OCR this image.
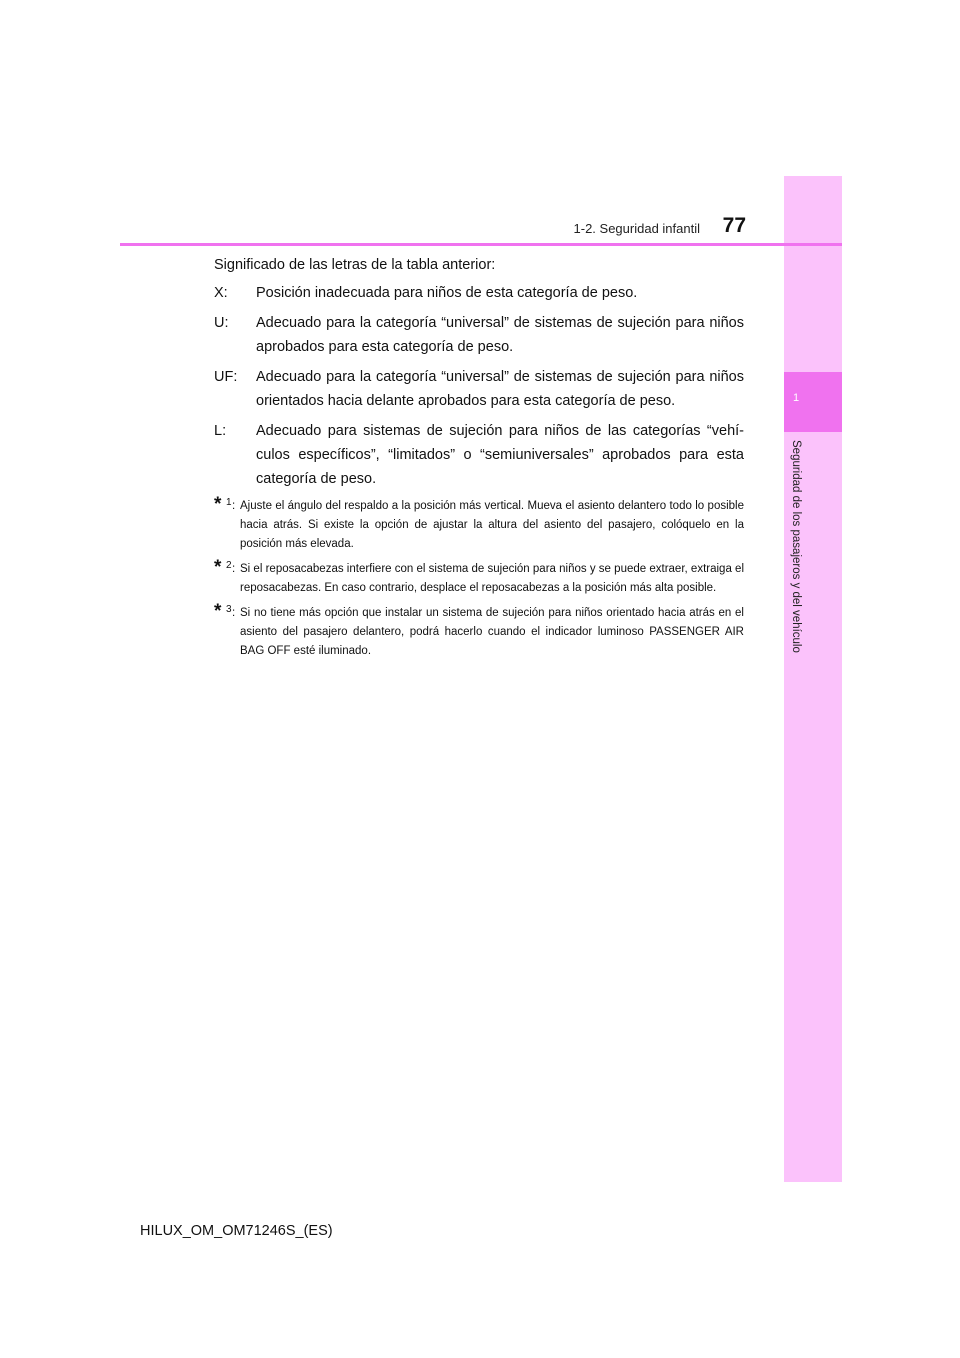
1
Seguridad de los pasajeros y del vehículo
1-2. Seguridad infantil	77

Significado de las letras de la tabla anterior:

X:	Posición inadecuada para niños de esta categoría de peso.
U:	Adecuado para la categoría “universal” de sistemas de sujeción para niños aprobados para esta categoría de peso.
UF:	Adecuado para la categoría “universal” de sistemas de sujeción para niños orientados hacia delante aprobados para esta categoría de peso.
L:	Adecuado para sistemas de sujeción para niños de las categorías “vehí-culos específicos”, “limitados” o “semiuniversales” aprobados para esta categoría de peso.
* 1 : Ajuste el ángulo del respaldo a la posición más vertical. Mueva el asiento delantero todo lo posible hacia atrás. Si existe la opción de ajustar la altura del asiento del pasajero, colóquelo en la posición más elevada.
* 2 : Si el reposacabezas interfiere con el sistema de sujeción para niños y se puede extraer, extraiga el reposacabezas. En caso contrario, desplace el reposacabezas a la posición más alta posible.
* 3 : Si no tiene más opción que instalar un sistema de sujeción para niños orientado hacia atrás en el asiento del pasajero delantero, podrá hacerlo cuando el indicador luminoso PASSENGER AIR BAG OFF esté iluminado.
HILUX_OM_OM71246S_(ES)
